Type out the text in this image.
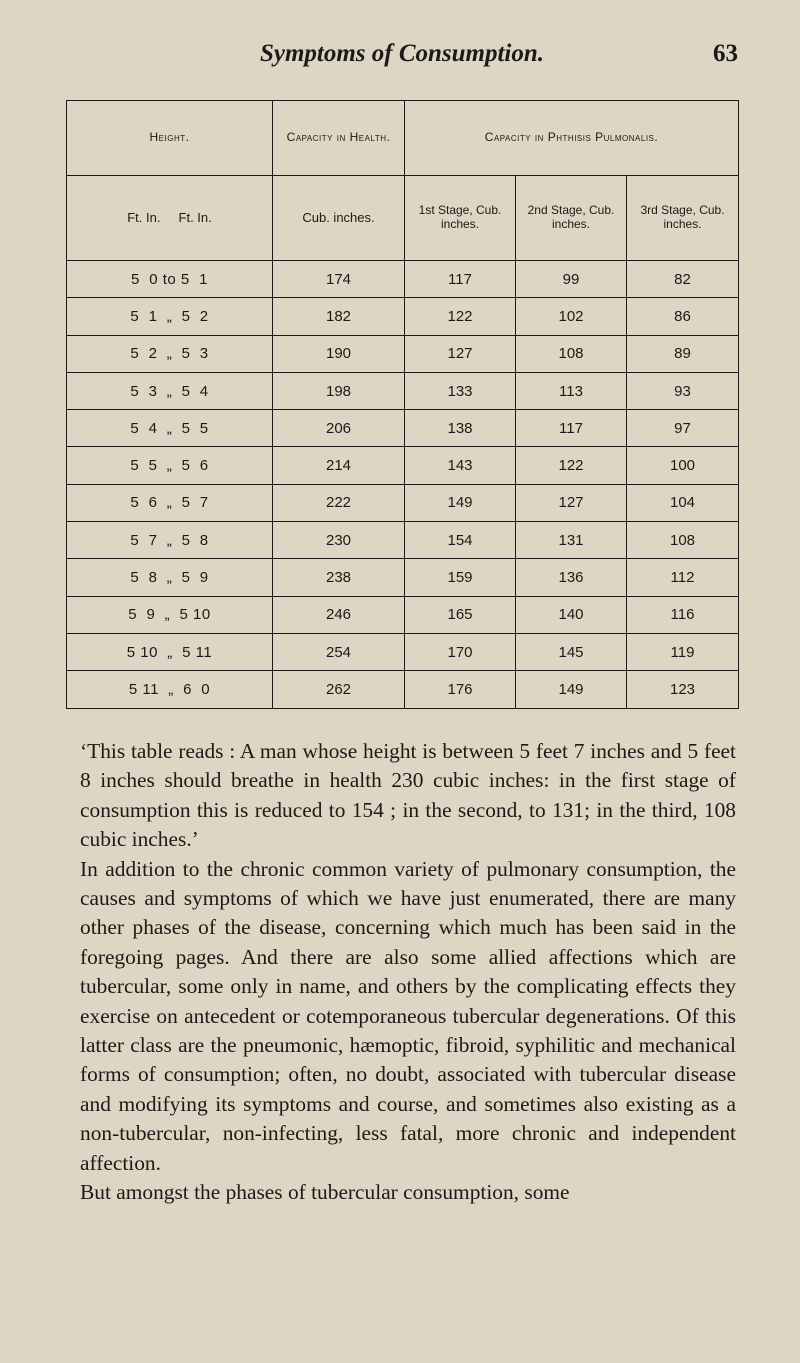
Symptoms of Consumption.	63
Height.	Capacity in Health.	Capacity in Phthisis Pulmonalis.		
Ft. In.     Ft. In.	Cub. inches.	1st Stage, Cub. inches.	2nd Stage, Cub. inches.	3rd Stage, Cub. inches.
5  0 to 5  1	174	117	99	82
5  1  „  5  2	182	122	102	86
5  2  „  5  3	190	127	108	89
5  3  „  5  4	198	133	113	93
5  4  „  5  5	206	138	117	97
5  5  „  5  6	214	143	122	100
5  6  „  5  7	222	149	127	104
5  7  „  5  8	230	154	131	108
5  8  „  5  9	238	159	136	112
5  9  „  5 10	246	165	140	116
5 10  „  5 11	254	170	145	119
5 11  „  6  0	262	176	149	123

‘This table reads : A man whose height is between 5 feet 7 inches and 5 feet 8 inches should breathe in health 230 cubic inches: in the first stage of consumption this is reduced to 154 ; in the second, to 131; in the third, 108 cubic inches.’

In addition to the chronic common variety of pulmonary consumption, the causes and symptoms of which we have just enumerated, there are many other phases of the disease, concerning which much has been said in the foregoing pages. And there are also some allied affections which are tubercular, some only in name, and others by the complicating effects they exercise on antecedent or cotemporaneous tubercular degenerations. Of this latter class are the pneumonic, hæmoptic, fibroid, syphilitic and mechanical forms of consumption; often, no doubt, associated with tubercular disease and modifying its symptoms and course, and sometimes also existing as a non-tubercular, non-infecting, less fatal, more chronic and independent affection.

But amongst the phases of tubercular consumption, some
